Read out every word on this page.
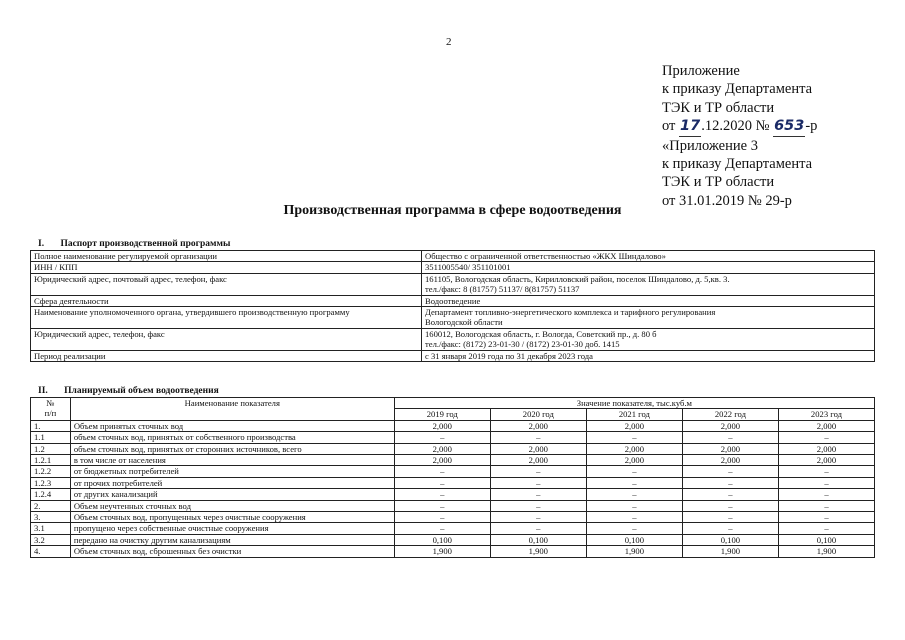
2
Приложение
к приказу Департамента
ТЭК и ТР области
от 17.12.2020 № 653-р
«Приложение 3
к приказу Департамента
ТЭК и ТР области
от 31.01.2019 № 29-р
Производственная программа в сфере водоотведения
I. Паспорт производственной программы
Полное наименование регулируемой организации	Общество с ограниченной ответственностью «ЖКХ Шиндалово»

ИНН / КПП	3511005540/ 351101001

Юридический адрес, почтовый адрес, телефон, факс	161105, Вологодская область, Кирилловский район, поселок Шиндалово, д. 5,кв. 3.
тел./факс: 8 (81757) 51137/ 8(81757) 51137

Сфера деятельности	Водоотведение

Наименование уполномоченного органа, утвердившего производственную программу	Департамент топливно-энергетического комплекса и тарифного регулирования
Вологодской области

Юридический адрес, телефон, факс	160012, Вологодская область, г. Вологда, Советский пр., д. 80 б
тел./факс: (8172) 23-01-30 / (8172) 23-01-30 доб. 1415

Период реализации	с 31 января 2019 года по 31 декабря 2023 года
II. Планируемый объем водоотведения
№
п/п	Наименование показателя	Значение показателя, тыс.куб.м				
		2019 год	2020 год	2021 год	2022 год	2023 год
1.	Объем принятых сточных вод	2,000	2,000	2,000	2,000	2,000
1.1	объем сточных вод, принятых от собственного производства	–	–	–	–	–
1.2	объем сточных вод, принятых от сторонних источников, всего	2,000	2,000	2,000	2,000	2,000
1.2.1	в том числе от населения	2,000	2,000	2,000	2,000	2,000
1.2.2	от бюджетных потребителей	–	–	–	–	–
1.2.3	от прочих потребителей	–	–	–	–	–
1.2.4	от других канализаций	–	–	–	–	–
2.	Объем неучтенных сточных вод	–	–	–	–	–
3.	Объем сточных вод, пропущенных через очистные сооружения	–	–	–	–	–
3.1	пропущено через собственные очистные сооружения	–	–	–	–	–
3.2	передано на очистку другим канализациям	0,100	0,100	0,100	0,100	0,100
4.	Объем сточных вод, сброшенных без очистки	1,900	1,900	1,900	1,900	1,900
